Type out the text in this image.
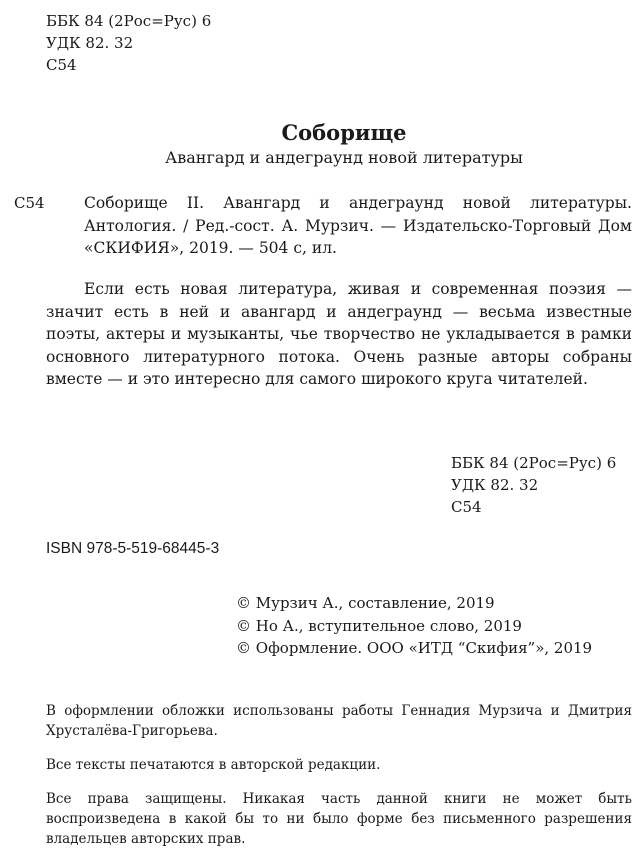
ББК 84 (2Рос=Рус) 6
УДК 82. 32
С54
Соборище
Авангард и андеграунд новой литературы
С54	Соборище II. Авангард и андеграунд новой литературы. Антология. / Ред.-сост. А. Мурзич. — Издательско-Торговый Дом «СКИФИЯ», 2019. — 504 с, ил.
Если есть новая литература, живая и современная поэзия — значит есть в ней и авангард и андеграунд — весьма известные поэты, актеры и музыканты, чье творчество не укладывается в рамки основного литературного потока. Очень разные авторы собраны вместе — и это интересно для самого широкого круга читателей.
ББК 84 (2Рос=Рус) 6
УДК 82. 32
С54
ISBN 978-5-519-68445-3
© Мурзич А., составление, 2019
© Но А., вступительное слово, 2019
© Оформление. ООО «ИТД “Скифия”», 2019

В оформлении обложки использованы работы Геннадия Мурзича и Дмитрия Хрусталёва-Григорьева.

Все тексты печатаются в авторской редакции.

Все права защищены. Никакая часть данной книги не может быть воспроизведена в какой бы то ни было форме без письменного разрешения владельцев авторских прав.
